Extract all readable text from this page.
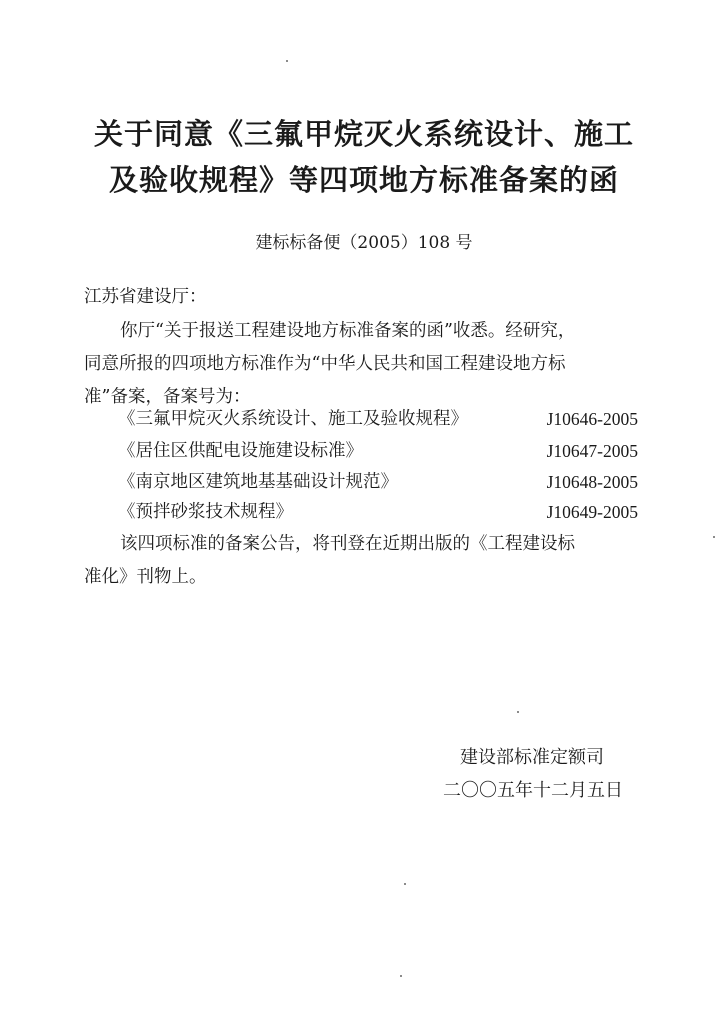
关于同意《三氟甲烷灭火系统设计、施工
及验收规程》等四项地方标准备案的函
建标标备便（2005）108 号
江苏省建设厅：
你厅“关于报送工程建设地方标准备案的函”收悉。经研究，
同意所报的四项地方标准作为“中华人民共和国工程建设地方标
准”备案，备案号为：
《三氟甲烷灭火系统设计、施工及验收规程》	J10646-2005
《居住区供配电设施建设标准》	J10647-2005
《南京地区建筑地基基础设计规范》	J10648-2005
《预拌砂浆技术规程》	J10649-2005
该四项标准的备案公告，将刊登在近期出版的《工程建设标
准化》刊物上。
建设部标准定额司
二〇〇五年十二月五日
